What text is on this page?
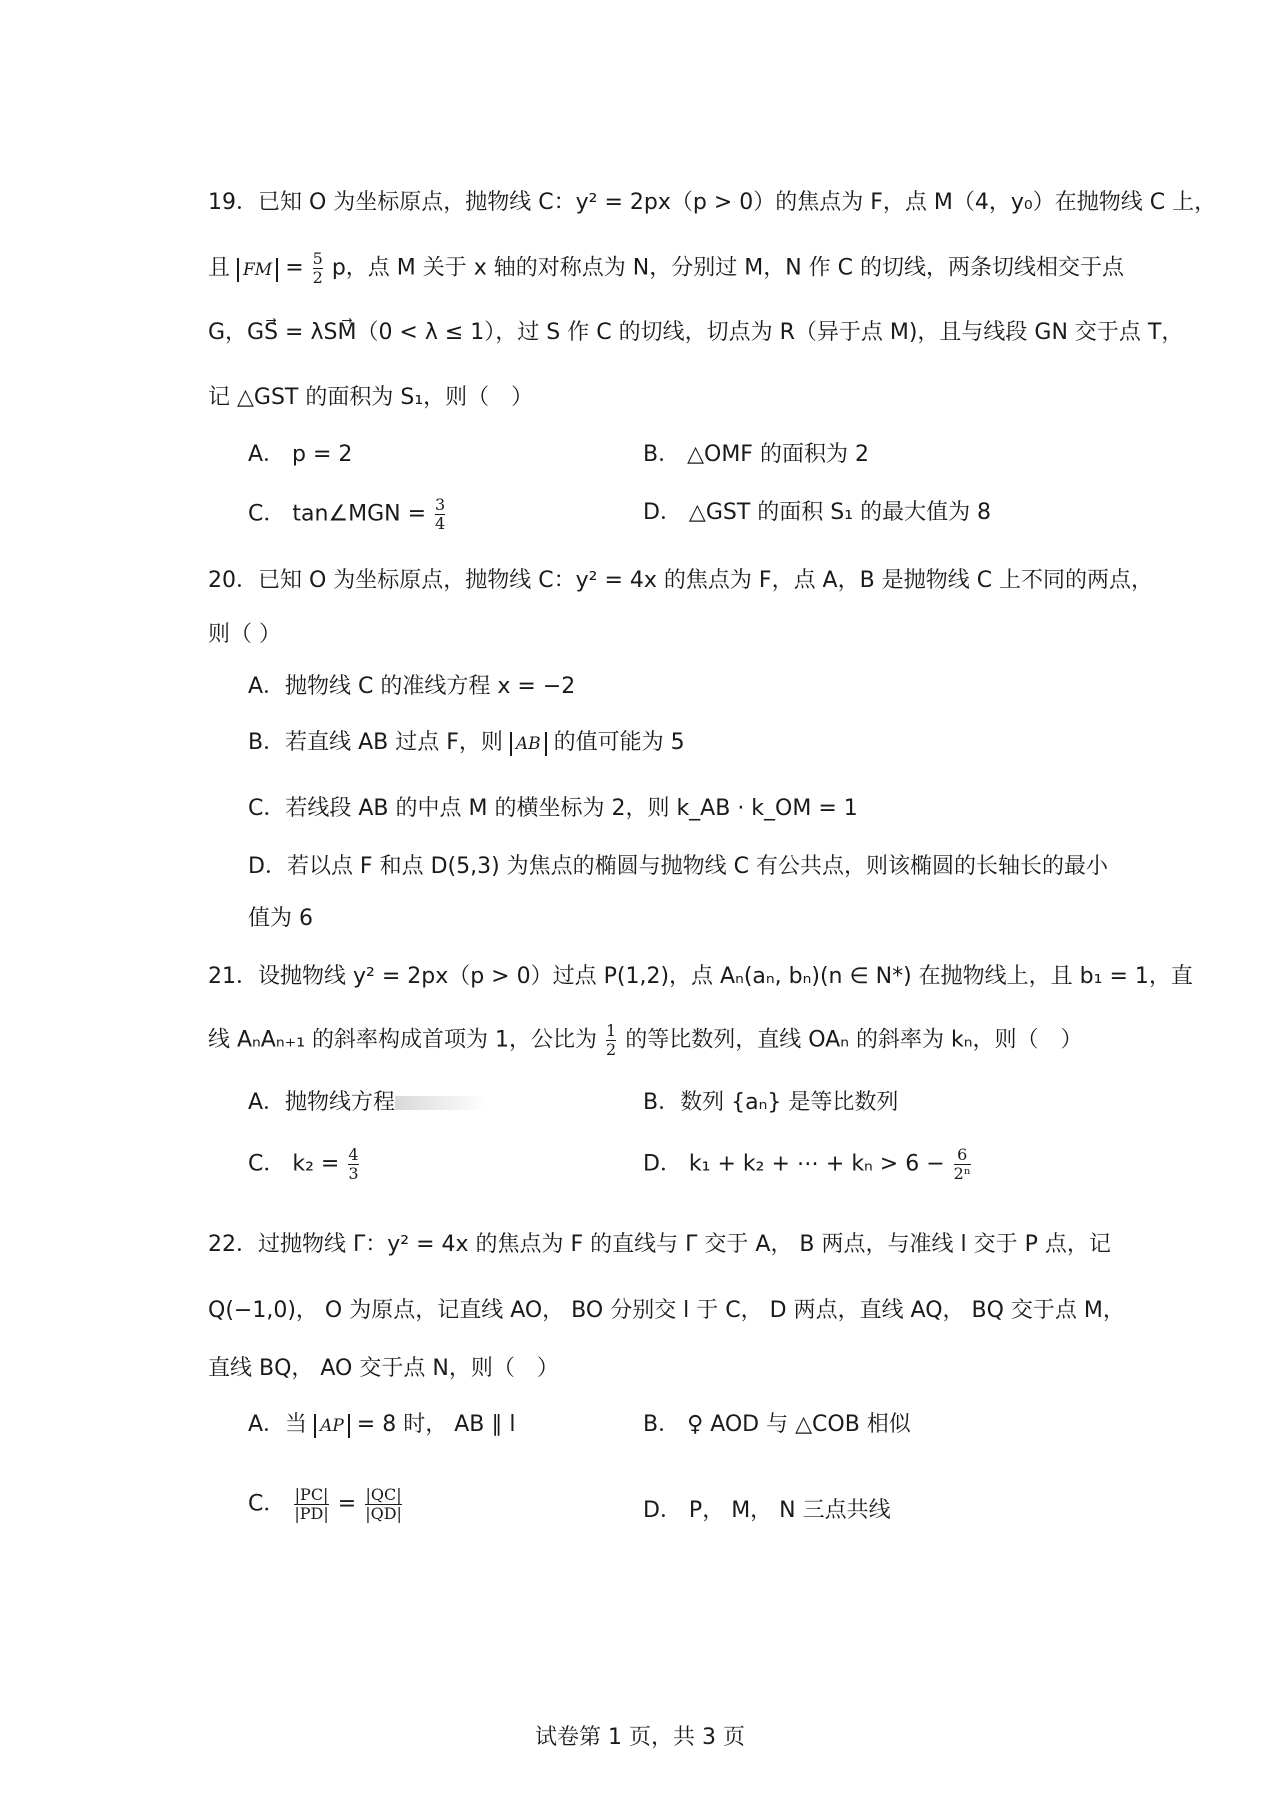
19．已知 O 为坐标原点，抛物线 C：y² = 2px（p > 0）的焦点为 F，点 M（4，y₀）在抛物线 C 上，
且 FM = $\frac{5}{2}$ p，点 M 关于 x 轴的对称点为 N，分别过 M，N 作 C 的切线，两条切线相交于点
G，GS⃗ = λSM⃗（0 < λ ≤ 1），过 S 作 C 的切线，切点为 R（异于点 M)，且与线段 GN 交于点 T，
记 △GST 的面积为 S₁，则（　）
A． p = 2	B． △OMF 的面积为 2
C． tan∠MGN = $\frac{3}{4}$	D． △GST 的面积 S₁ 的最大值为 8
20．已知 O 为坐标原点，抛物线 C：y² = 4x 的焦点为 F，点 A，B 是抛物线 C 上不同的两点，
则（ ）
A．抛物线 C 的准线方程 x = −2
B．若直线 AB 过点 F，则 AB 的值可能为 5
C．若线段 AB 的中点 M 的横坐标为 2，则 k_AB · k_OM = 1
D．若以点 F 和点 D(5,3) 为焦点的椭圆与抛物线 C 有公共点，则该椭圆的长轴长的最小
值为 6
21．设抛物线 y² = 2px（p > 0）过点 P(1,2)，点 Aₙ(aₙ, bₙ)(n ∈ N*) 在抛物线上，且 b₁ = 1，直
线 AₙAₙ₊₁ 的斜率构成首项为 1，公比为 $\frac{1}{2}$ 的等比数列，直线 OAₙ 的斜率为 kₙ，则（　）
A．抛物线方程	B．数列 {aₙ} 是等比数列
C． $k_2 = \frac{4}{3}$	D． k₁ + k₂ + ⋯ + $k_n > 6 - \frac{6}{\text{2ⁿ}}$
22．过抛物线 Γ：y² = 4x 的焦点为 F 的直线与 Γ 交于 A， B 两点，与准线 l 交于 P 点，记
Q(−1,0)， O 为原点，记直线 AO， BO 分别交 l 于 C， D 两点，直线 AQ， BQ 交于点 M，
直线 BQ， AO 交于点 N，则（　）
A．当 AP = 8 时， AB ∥ l	B． ♀ AOD 与 △COB 相似
C． $\frac{|PC|}{|PD|} = \frac{|QC|}{|QD|}$	D． P， M， N 三点共线
试卷第 1 页，共 3 页
